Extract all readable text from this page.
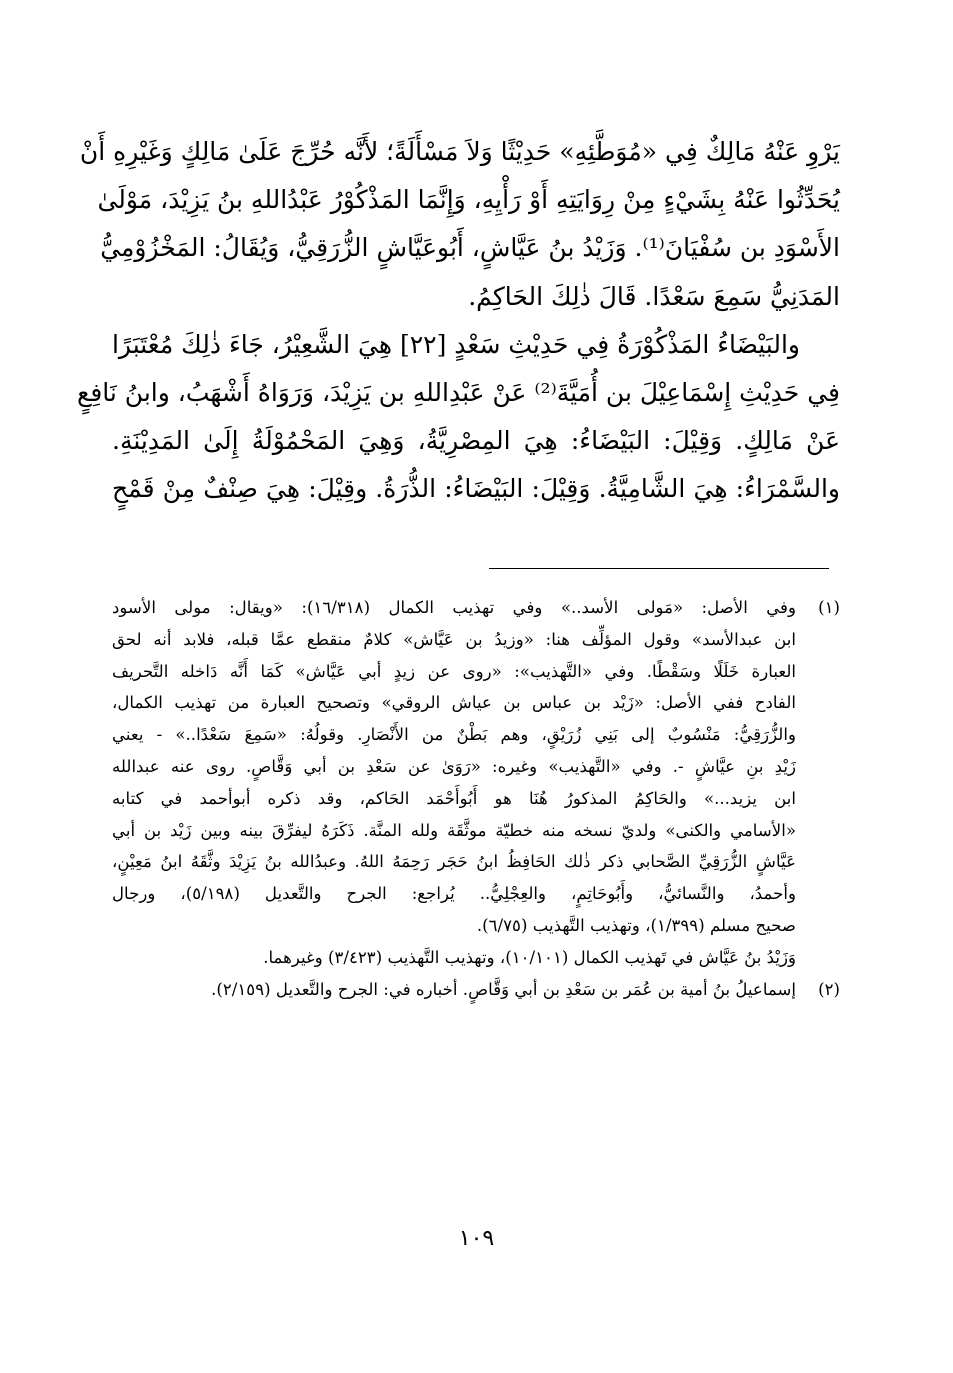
يَرْوِ عَنْهُ مَالِكٌ فِي «مُوَطَّئِهِ» حَدِيْثًا وَلاَ مَسْأَلَةً؛ لأَنَّه حُرِّجَ عَلَىٰ مَالِكٍ وَغَيْرِهِ أَنْ
يُحَدِّثُوا عَنْهُ بِشَيْءٍ مِنْ رِوَايَتِهِ أَوْ رَأْيِهِ، وَإِنَّمَا المَذْكُوْرُ عَبْدُاللهِ بنُ يَزِيْدَ، مَوْلَىٰ
الأَسْوَدِ بن سُفْيَانَ⁽¹⁾. وَزَيْدُ بنُ عَيَّاشٍ، أَبُوعَيَّاشٍ الزُّرَقِيُّ، وَيُقَالُ: المَخْزُوْمِيُّ
المَدَنِيُّ سَمِعَ سَعْدًا. قَالَ ذٰلِكَ الحَاكِمُ.

والبَيْضَاءُ المَذْكُوْرَةُ فِي حَدِيْثِ سَعْدٍ [٢٢] هِيَ الشَّعِيْرُ، جَاءَ ذٰلِكَ مُعْتَبَرًا
فِي حَدِيْثِ إِسْمَاعِيْلَ بن أُمَيَّةَ⁽²⁾ عَنْ عَبْدِاللهِ بن يَزِيْدَ، وَرَوَاهُ أَشْهَبُ، وابنُ نَافِعٍ
عَنْ مَالِكٍ. وَقِيْلَ: البَيْضَاءُ: هِيَ المِصْرِيَّةُ، وَهِيَ المَحْمُوْلَةُ إِلَىٰ المَدِيْنَةِ.
والسَّمْرَاءُ: هِيَ الشَّامِيَّةُ. وَقِيْلَ: البَيْضَاءُ: الذُّرَةُ. وقِيْلَ: هِيَ صِنْفٌ مِنْ قَمْحٍ

(١)
وفي الأصل: «مَولى الأسد..» وفي تهذيب الكمال (١٦/٣١٨): «ويقال: مولى الأسود
ابن عبدالأسد» وقول المؤلِّف هنا: «وزيدُ بن عَيَّاش» كلامٌ منقطع عمَّا قبله، فلابد أنه لحق
العبارة خَلَلًا وسَقْطًا. وفي «التَّهذيب»: «روى عن زيدٍ أبي عَيَّاش» كَمَا أَنَّه دَاخله التَّحريف
الفادح ففي الأصل: «زَيْد بن عباس بن عياش الروقي» وتصحيح العبارة من تهذيب الكمال،
والزُّرَقِيُّ: مَنْسُوبٌ إلى بَنِي زُرَيْقٍ، وهم بَطْنٌ من الأَنْصَارِ. وقولُهُ: «سَمِعَ سَعْدًا..» - يعني
زَيْدِ بنِ عيَّاشٍ -. وفي «التَّهذيب» وغيره: «رَوَىٰ عن سَعْدِ بن أبي وَقَّاصٍ. روى عنه عبدالله
ابن يزيد...» والحَاكِمُ المذكورُ هُنَا هو أَبُوأَحْمَد الحَاكم، وقد ذكره أبوأحمد في كتابه
«الأسامي والكنى» ولديّ نسخه منه خطيّة موثَّقَة ولله المنَّة. ذَكَرَهُ ليفرِّقَ بينه وبين زَيْد بن أبي
عَيَّاشٍ الزُّرَقِيِّ الصَّحابي ذكر ذٰلك الحَافِظُ ابنُ حَجَر رَحِمَهُ اللهُ. وعبدُالله بنُ يَزِيْدَ وثَّقَهُ ابنُ مَعِيْنٍ،
وأحمدُ، والنَّسائيُّ، وأَبُوحَاتِمٍ، والعِجْلِيُّ.. يُراجع: الجرح والتَّعديل (٥/١٩٨)، ورجال
صحيح مسلم (١/٣٩٩)، وتهذيب التَّهذيب (٦/٧٥).
وَزَيْدُ بنُ عَيَّاش في تَهذيب الكمال (١٠/١٠١)، وتهذيب التَّهذيب (٣/٤٢٣) وغيرهما.
(٢)
إسماعيلُ بنُ أمية بن عُمَر بن سَعْدِ بن أبي وَقَّاصٍ. أخباره في: الجرح والتَّعديل (٢/١٥٩).
١٠٩
